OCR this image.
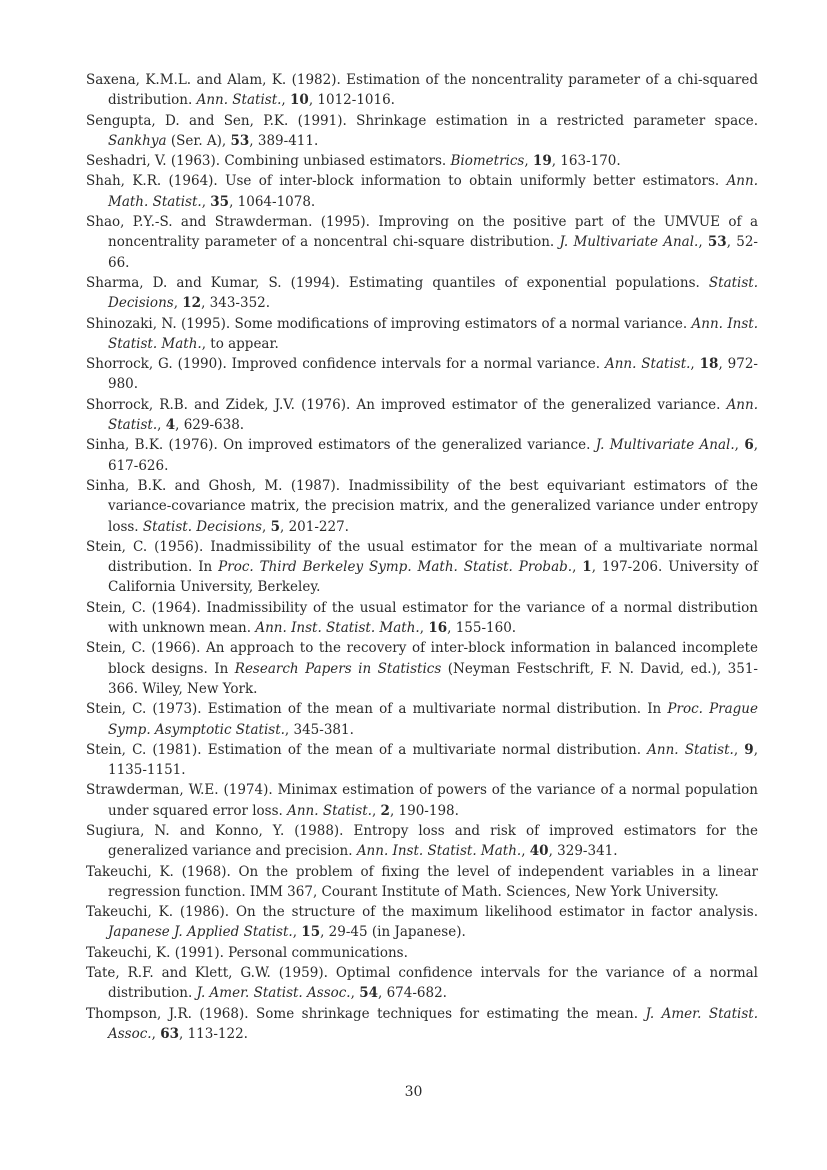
Saxena, K.M.L. and Alam, K. (1982). Estimation of the noncentrality parameter of a chi-squared distribution. Ann. Statist., 10, 1012-1016.
Sengupta, D. and Sen, P.K. (1991). Shrinkage estimation in a restricted parameter space. Sankhya (Ser. A), 53, 389-411.
Seshadri, V. (1963). Combining unbiased estimators. Biometrics, 19, 163-170.
Shah, K.R. (1964). Use of inter-block information to obtain uniformly better estimators. Ann. Math. Statist., 35, 1064-1078.
Shao, P.Y.-S. and Strawderman. (1995). Improving on the positive part of the UMVUE of a noncentrality parameter of a noncentral chi-square distribution. J. Multivariate Anal., 53, 52-66.
Sharma, D. and Kumar, S. (1994). Estimating quantiles of exponential populations. Statist. Decisions, 12, 343-352.
Shinozaki, N. (1995). Some modifications of improving estimators of a normal variance. Ann. Inst. Statist. Math., to appear.
Shorrock, G. (1990). Improved confidence intervals for a normal variance. Ann. Statist., 18, 972-980.
Shorrock, R.B. and Zidek, J.V. (1976). An improved estimator of the generalized variance. Ann. Statist., 4, 629-638.
Sinha, B.K. (1976). On improved estimators of the generalized variance. J. Multivariate Anal., 6, 617-626.
Sinha, B.K. and Ghosh, M. (1987). Inadmissibility of the best equivariant estimators of the variance-covariance matrix, the precision matrix, and the generalized variance under entropy loss. Statist. Decisions, 5, 201-227.
Stein, C. (1956). Inadmissibility of the usual estimator for the mean of a multivariate normal distribution. In Proc. Third Berkeley Symp. Math. Statist. Probab., 1, 197-206. University of California University, Berkeley.
Stein, C. (1964). Inadmissibility of the usual estimator for the variance of a normal distribution with unknown mean. Ann. Inst. Statist. Math., 16, 155-160.
Stein, C. (1966). An approach to the recovery of inter-block information in balanced incomplete block designs. In Research Papers in Statistics (Neyman Festschrift, F. N. David, ed.), 351-366. Wiley, New York.
Stein, C. (1973). Estimation of the mean of a multivariate normal distribution. In Proc. Prague Symp. Asymptotic Statist., 345-381.
Stein, C. (1981). Estimation of the mean of a multivariate normal distribution. Ann. Statist., 9, 1135-1151.
Strawderman, W.E. (1974). Minimax estimation of powers of the variance of a normal population under squared error loss. Ann. Statist., 2, 190-198.
Sugiura, N. and Konno, Y. (1988). Entropy loss and risk of improved estimators for the generalized variance and precision. Ann. Inst. Statist. Math., 40, 329-341.
Takeuchi, K. (1968). On the problem of fixing the level of independent variables in a linear regression function. IMM 367, Courant Institute of Math. Sciences, New York University.
Takeuchi, K. (1986). On the structure of the maximum likelihood estimator in factor analysis. Japanese J. Applied Statist., 15, 29-45 (in Japanese).
Takeuchi, K. (1991). Personal communications.
Tate, R.F. and Klett, G.W. (1959). Optimal confidence intervals for the variance of a normal distribution. J. Amer. Statist. Assoc., 54, 674-682.
Thompson, J.R. (1968). Some shrinkage techniques for estimating the mean. J. Amer. Statist. Assoc., 63, 113-122.
30
